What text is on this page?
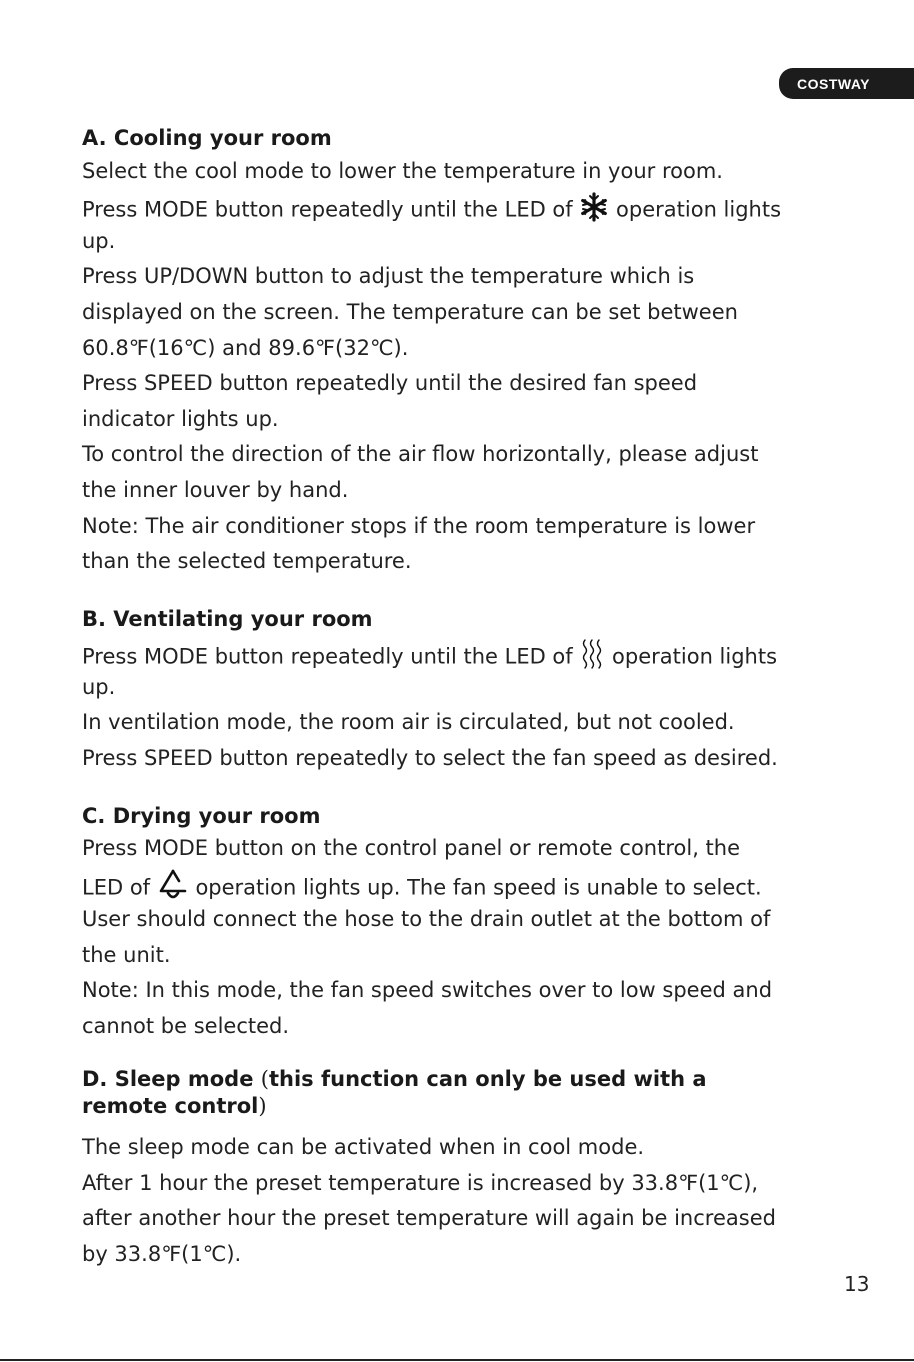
COSTWAY
A. Cooling your room
Select the cool mode to lower the temperature in your room.
Press MODE button repeatedly until the LED of operation lights
up.
Press UP/DOWN button to adjust the temperature which is
displayed on the screen. The temperature can be set between
60.8℉(16℃) and 89.6℉(32℃).
Press SPEED button repeatedly until the desired fan speed
indicator lights up.
To control the direction of the air flow horizontally, please adjust
the inner louver by hand.
Note: The air conditioner stops if the room temperature is lower
than the selected temperature.
B. Ventilating your room
Press MODE button repeatedly until the LED of operation lights
up.
In ventilation mode, the room air is circulated, but not cooled.
Press SPEED button repeatedly to select the fan speed as desired.
C. Drying your room
Press MODE button on the control panel or remote control, the
LED of operation lights up. The fan speed is unable to select.
User should connect the hose to the drain outlet at the bottom of
the unit.
Note: In this mode, the fan speed switches over to low speed and
cannot be selected.
D. Sleep mode (this function can only be used with a
remote control)
The sleep mode can be activated when in cool mode.
After 1 hour the preset temperature is increased by 33.8℉(1℃),
after another hour the preset temperature will again be increased
by 33.8℉(1℃).
13
